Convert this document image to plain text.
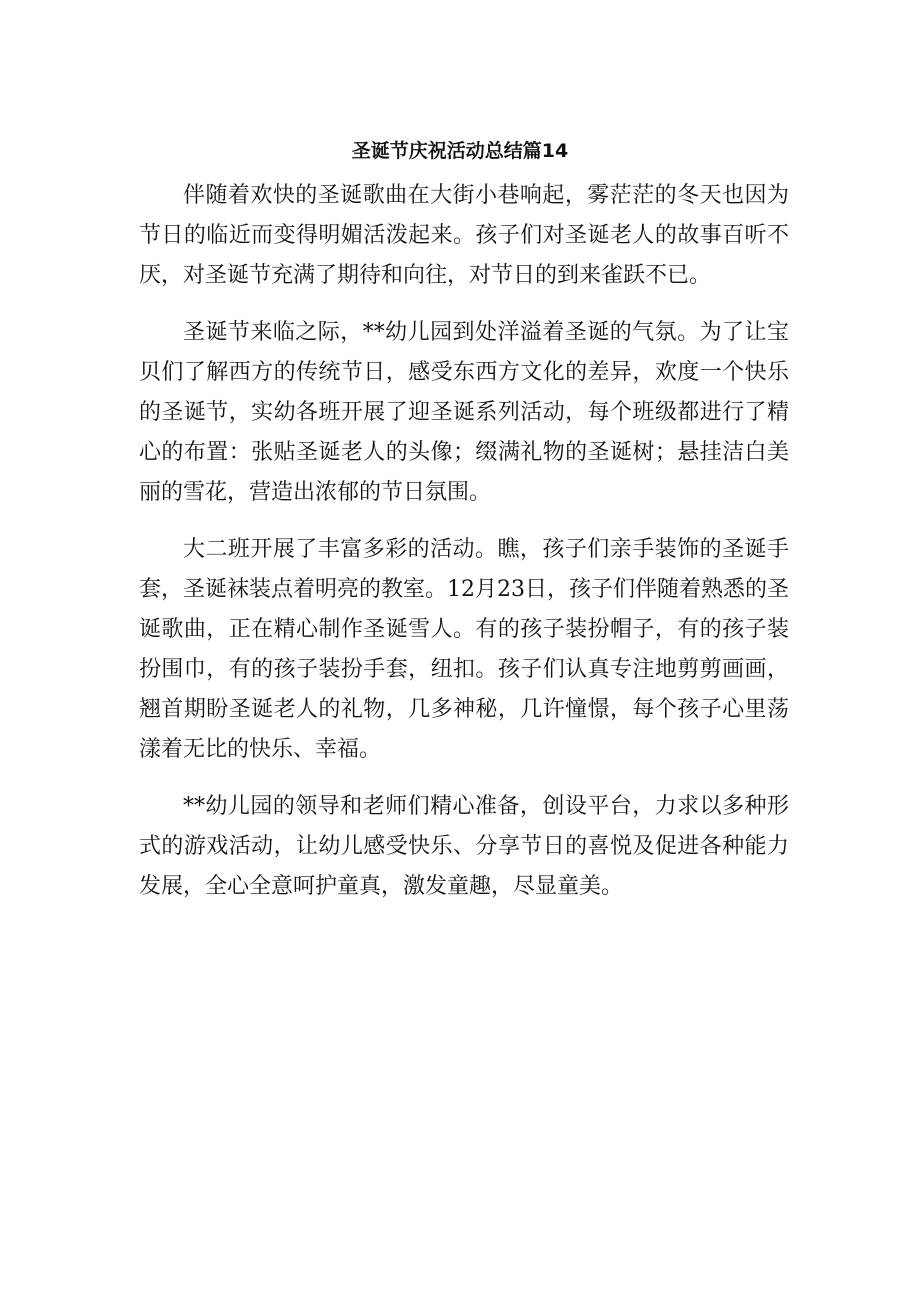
圣诞节庆祝活动总结篇14

伴随着欢快的圣诞歌曲在大街小巷响起，雾茫茫的冬天也因为节日的临近而变得明媚活泼起来。孩子们对圣诞老人的故事百听不厌，对圣诞节充满了期待和向往，对节日的到来雀跃不已。

圣诞节来临之际，**幼儿园到处洋溢着圣诞的气氛。为了让宝贝们了解西方的传统节日，感受东西方文化的差异，欢度一个快乐的圣诞节，实幼各班开展了迎圣诞系列活动，每个班级都进行了精心的布置：张贴圣诞老人的头像；缀满礼物的圣诞树；悬挂洁白美丽的雪花，营造出浓郁的节日氛围。

大二班开展了丰富多彩的活动。瞧，孩子们亲手装饰的圣诞手套，圣诞袜装点着明亮的教室。12月23日，孩子们伴随着熟悉的圣诞歌曲，正在精心制作圣诞雪人。有的孩子装扮帽子，有的孩子装扮围巾，有的孩子装扮手套，纽扣。孩子们认真专注地剪剪画画，翘首期盼圣诞老人的礼物，几多神秘，几许憧憬，每个孩子心里荡漾着无比的快乐、幸福。

**幼儿园的领导和老师们精心准备，创设平台，力求以多种形式的游戏活动，让幼儿感受快乐、分享节日的喜悦及促进各种能力发展，全心全意呵护童真，激发童趣，尽显童美。
